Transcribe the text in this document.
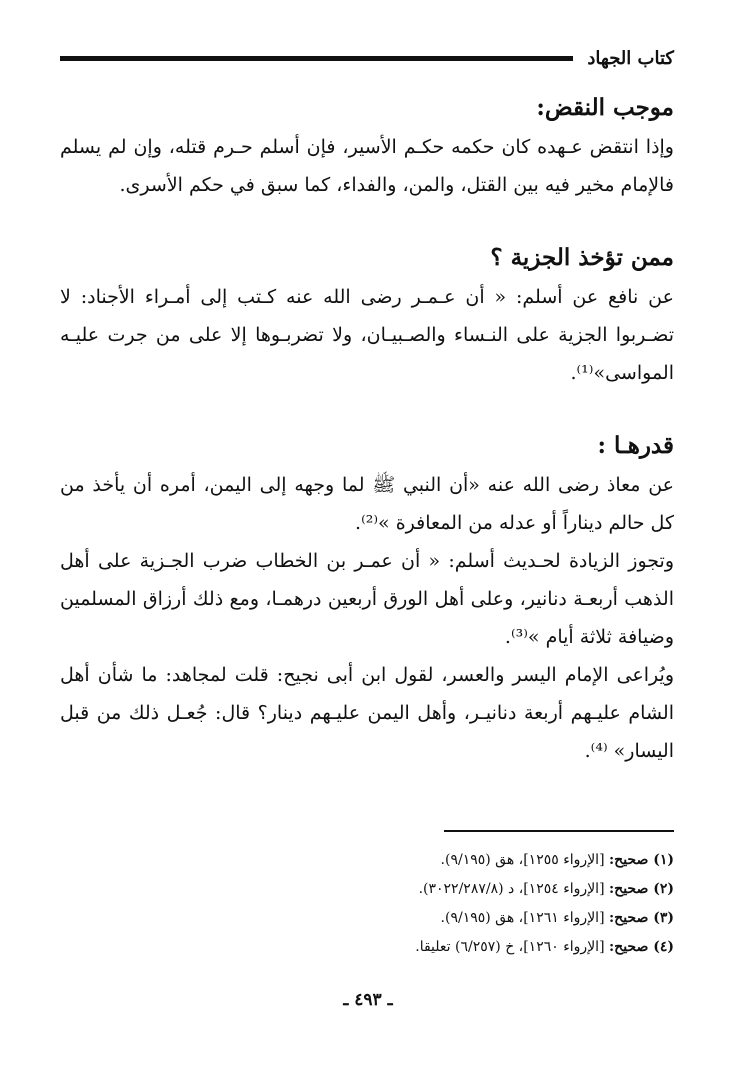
كتاب الجهاد
موجب النقض:

وإذا انتقض عـهده كان حكمه حكـم الأسير، فإن أسلم حـرم قتله، وإن لم يسلم فالإمام مخير فيه بين القتل، والمن، والفداء، كما سبق في حكم الأسرى.

ممن تؤخذ الجزية ؟

عن نافع عن أسلم: « أن عـمـر رضى الله عنه كـتب إلى أمـراء الأجناد: لا تضـربوا الجزية على النـساء والصـبيـان، ولا تضربـوها إلا على من جرت عليـه المواسى»⁽¹⁾.

قدرهـا :

عن معاذ رضى الله عنه «أن النبي ﷺ لما وجهه إلى اليمن، أمره أن يأخذ من كل حالم ديناراً أو عدله من المعافرة »⁽²⁾.

وتجوز الزيادة لحـديث أسلم: « أن عمـر بن الخطاب ضرب الجـزية على أهل الذهب أربعـة دنانير، وعلى أهل الورق أربعين درهمـا، ومع ذلك أرزاق المسلمين وضيافة ثلاثة أيام »⁽³⁾.

ويُراعى الإمام اليسر والعسر، لقول ابن أبى نجيح: قلت لمجاهد: ما شأن أهل الشام عليـهم أربعة دنانيـر، وأهل اليمن عليـهم دينار؟ قال: جُعـل ذلك من قبل اليسار» ⁽⁴⁾.

(١) صحيح: [الإرواء ١٢٥٥]، هق (٩/١٩٥).

(٢) صحيح: [الإرواء ١٢٥٤]، د (٣٠٢٢/٢٨٧/٨).

(٣) صحيح: [الإرواء ١٢٦١]، هق (٩/١٩٥).

(٤) صحيح: [الإرواء ١٢٦٠]، خ (٦/٢٥٧) تعليقا.

ـ ٤٩٣ ـ
